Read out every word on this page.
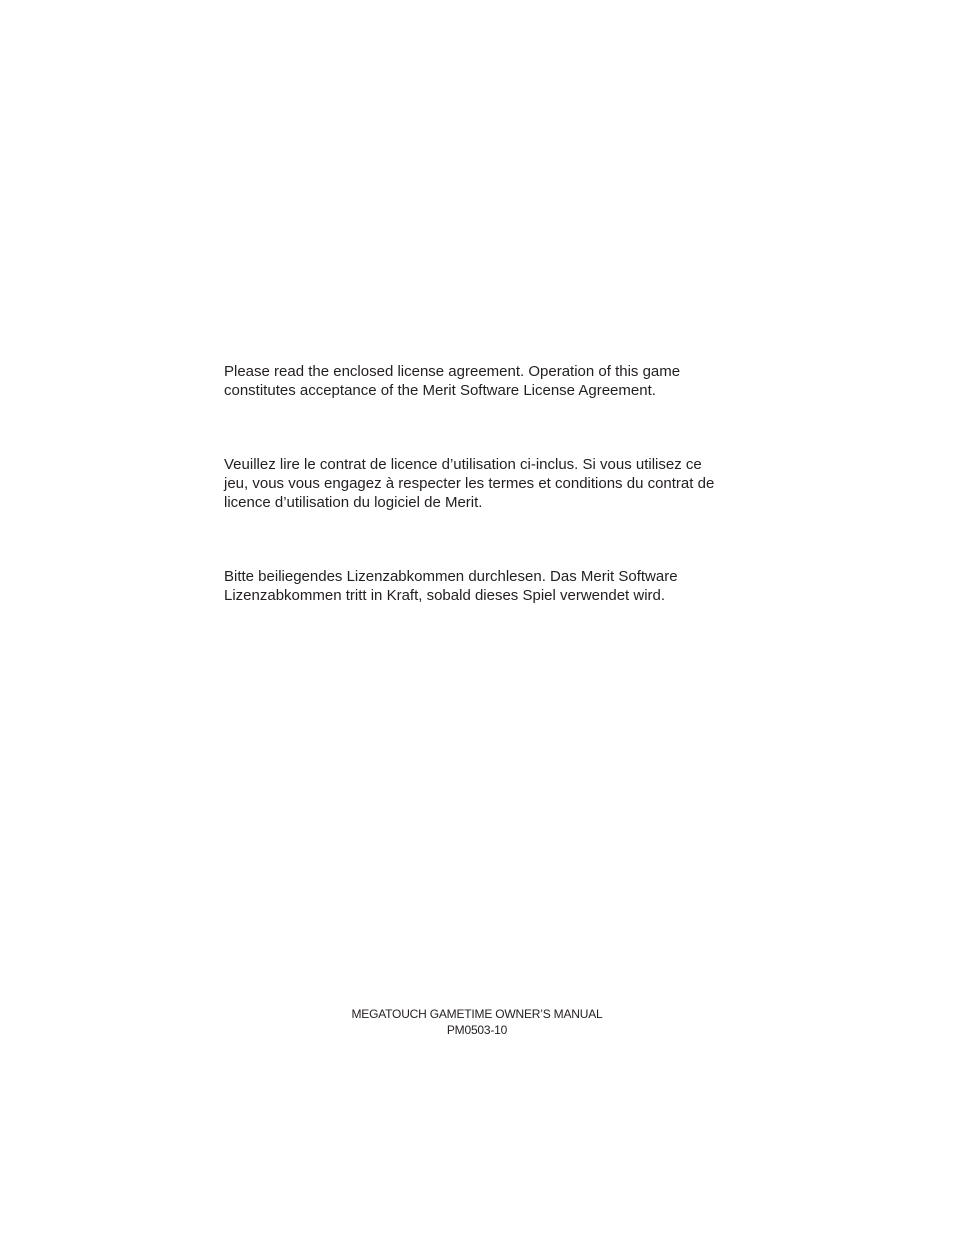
Please read the enclosed license agreement. Operation of this game
constitutes acceptance of the Merit Software License Agreement.

Veuillez lire le contrat de licence d’utilisation ci-inclus. Si vous utilisez ce
jeu, vous vous engagez à respecter les termes et conditions du contrat de
licence d’utilisation du logiciel de Merit.

Bitte beiliegendes Lizenzabkommen durchlesen. Das Merit Software
Lizenzabkommen tritt in Kraft, sobald dieses Spiel verwendet wird.

MEGATOUCH GAMETIME OWNER’S MANUAL
PM0503-10
